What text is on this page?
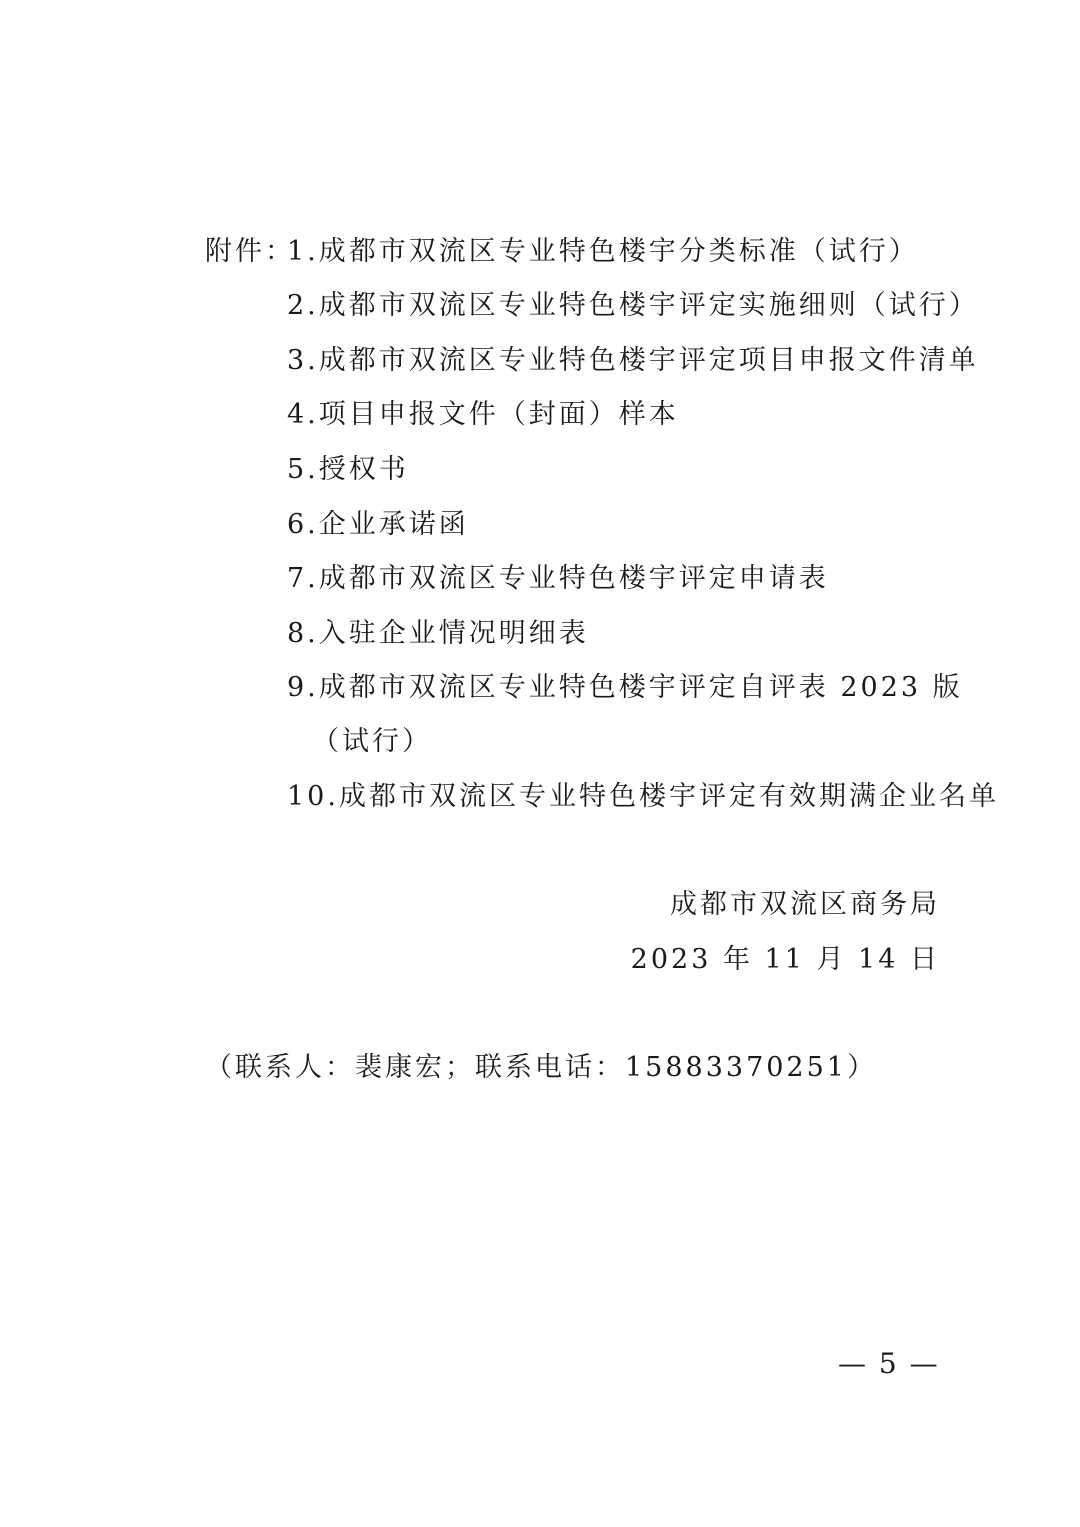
附件：
1.成都市双流区专业特色楼宇分类标准（试行）
2.成都市双流区专业特色楼宇评定实施细则（试行）
3.成都市双流区专业特色楼宇评定项目申报文件清单
4.项目申报文件（封面）样本
5.授权书
6.企业承诺函
7.成都市双流区专业特色楼宇评定申请表
8.入驻企业情况明细表
9.成都市双流区专业特色楼宇评定自评表 2023 版
（试行）
10.成都市双流区专业特色楼宇评定有效期满企业名单
成都市双流区商务局
2023 年 11 月 14 日
（联系人：裴康宏；联系电话：15883370251）
— 5 —
